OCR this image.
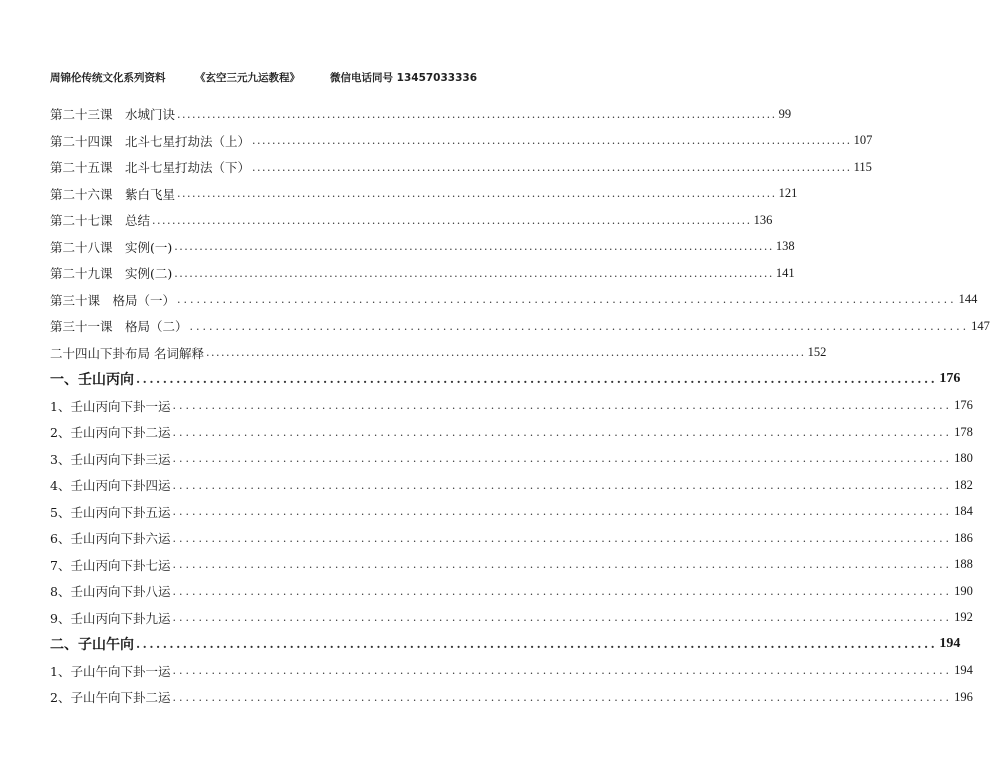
周锦伦传统文化系列资料	《玄空三元九运教程》	微信电话同号 13457033336
第二十三课　水城门诀 ........................................................................................................................ 99
第二十四课　北斗七星打劫法（上） ........................................................................................................................ 107
第二十五课　北斗七星打劫法（下） ........................................................................................................................ 115
第二十六课　紫白飞星 ........................................................................................................................ 121
第二十七课　总结 ........................................................................................................................ 136
第二十八课　实例(一) ........................................................................................................................ 138
第二十九课　实例(二) ........................................................................................................................ 141
第三十课　格局（一） ........................................................................................................................ 144
第三十一课　格局（二） ........................................................................................................................ 147
二十四山下卦布局 名词解释 ........................................................................................................................ 152
一、壬山丙向 ........................................................................................................................ 176
1、壬山丙向下卦一运 ........................................................................................................................ 176
2、壬山丙向下卦二运 ........................................................................................................................ 178
3、壬山丙向下卦三运 ........................................................................................................................ 180
4、壬山丙向下卦四运 ........................................................................................................................ 182
5、壬山丙向下卦五运 ........................................................................................................................ 184
6、壬山丙向下卦六运 ........................................................................................................................ 186
7、壬山丙向下卦七运 ........................................................................................................................ 188
8、壬山丙向下卦八运 ........................................................................................................................ 190
9、壬山丙向下卦九运 ........................................................................................................................ 192
二、子山午向 ........................................................................................................................ 194
1、子山午向下卦一运 ........................................................................................................................ 194
2、子山午向下卦二运 ........................................................................................................................ 196
